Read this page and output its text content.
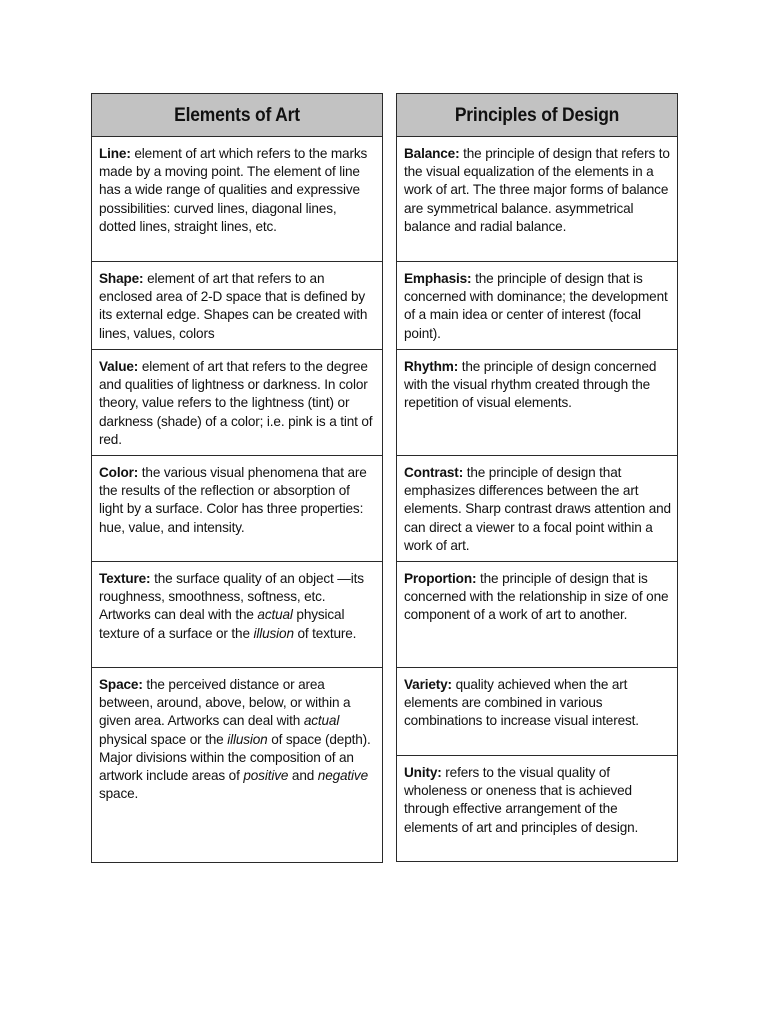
Elements of Art
Line: element of art which refers to the marks made by a moving point. The element of line has a wide range of qualities and expressive possibilities: curved lines, diagonal lines, dotted lines, straight lines, etc.
Shape: element of art that refers to an enclosed area of 2-D space that is defined by its external edge. Shapes can be created with lines, values, colors
Value: element of art that refers to the degree and qualities of lightness or darkness. In color theory, value refers to the lightness (tint) or darkness (shade) of a color; i.e. pink is a tint of red.
Color: the various visual phenomena that are the results of the reflection or absorption of light by a surface. Color has three properties: hue, value, and intensity.
Texture: the surface quality of an object —its roughness, smoothness, softness, etc. Artworks can deal with the actual physical texture of a surface or the illusion of texture.
Space: the perceived distance or area between, around, above, below, or within a given area. Artworks can deal with actual physical space or the illusion of space (depth). Major divisions within the composition of an artwork include areas of positive and negative space.
Principles of Design
Balance: the principle of design that refers to the visual equalization of the elements in a work of art. The three major forms of balance are symmetrical balance. asymmetrical balance and radial balance.
Emphasis: the principle of design that is concerned with dominance; the development of a main idea or center of interest (focal point).
Rhythm: the principle of design concerned with the visual rhythm created through the repetition of visual elements.
Contrast: the principle of design that emphasizes differences between the art elements. Sharp contrast draws attention and can direct a viewer to a focal point within a work of art.
Proportion: the principle of design that is concerned with the relationship in size of one component of a work of art to another.
Variety: quality achieved when the art elements are combined in various combinations to increase visual interest.
Unity: refers to the visual quality of wholeness or oneness that is achieved through effective arrangement of the elements of art and principles of design.
